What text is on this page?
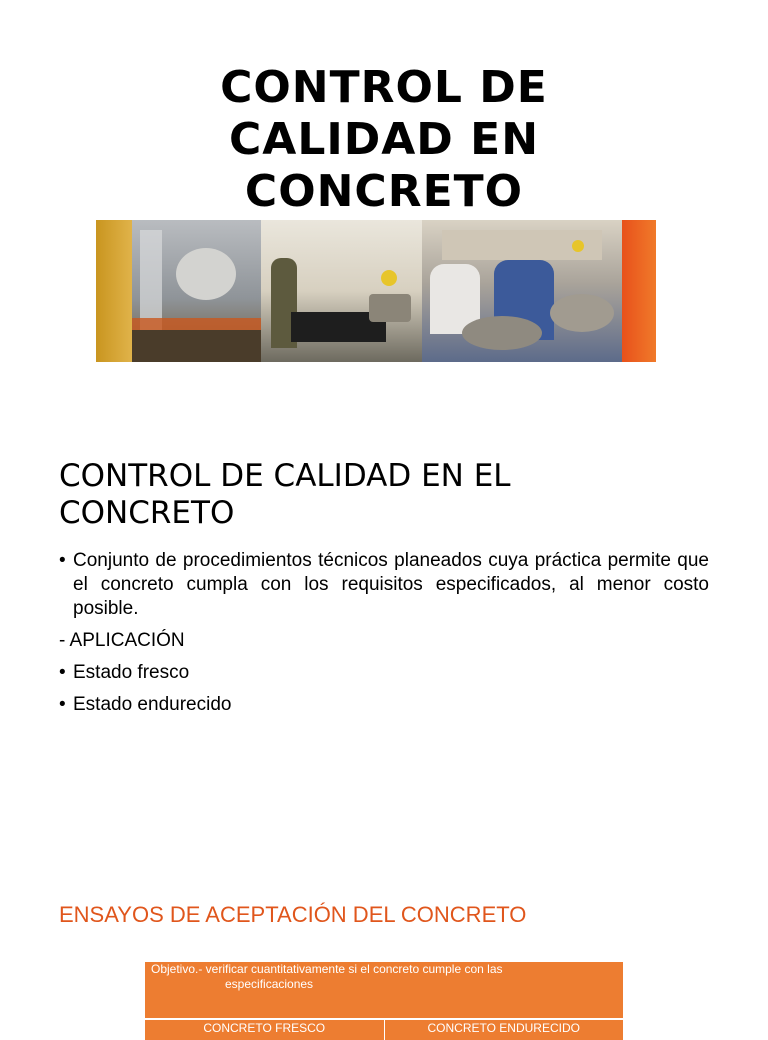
CONTROL DE
CALIDAD EN
CONCRETO
CONTROL DE CALIDAD EN EL
CONCRETO
• Conjunto de procedimientos técnicos planeados cuya práctica permite que el concreto cumpla con los requisitos especificados, al menor costo posible.
- APLICACIÓN
• Estado fresco
• Estado endurecido
ENSAYOS DE ACEPTACIÓN DEL CONCRETO
Objetivo.- verificar cuantitativamente si el concreto cumple con las
especificaciones
CONCRETO FRESCO	CONCRETO ENDURECIDO
